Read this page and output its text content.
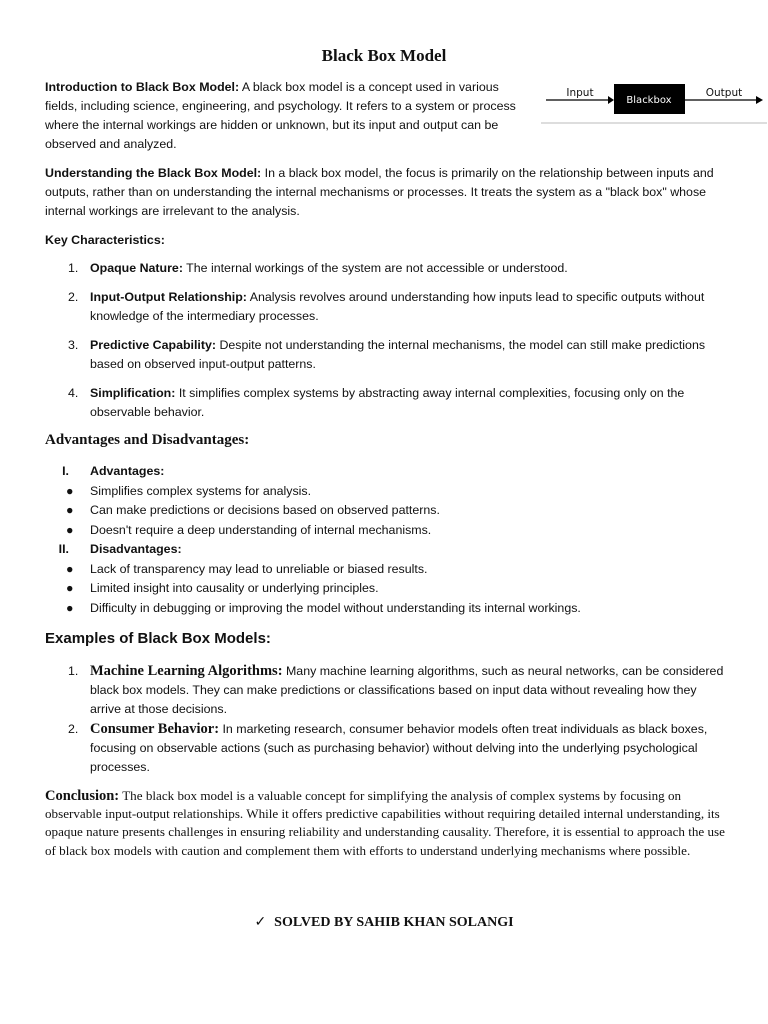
Black Box Model

Introduction to Black Box Model: A black box model is a concept used in various fields, including science, engineering, and psychology. It refers to a system or process where the internal workings are hidden or unknown, but its input and output can be observed and analyzed.

Input
Blackbox
Output

Understanding the Black Box Model: In a black box model, the focus is primarily on the relationship between inputs and outputs, rather than on understanding the internal mechanisms or processes. It treats the system as a "black box" whose internal workings are irrelevant to the analysis.

Key Characteristics:
1. Opaque Nature: The internal workings of the system are not accessible or understood.
2. Input-Output Relationship: Analysis revolves around understanding how inputs lead to specific outputs without knowledge of the intermediary processes.
3. Predictive Capability: Despite not understanding the internal mechanisms, the model can still make predictions based on observed input-output patterns.
4. Simplification: It simplifies complex systems by abstracting away internal complexities, focusing only on the observable behavior.
Advantages and Disadvantages:
I. Advantages:
● Simplifies complex systems for analysis.
● Can make predictions or decisions based on observed patterns.
● Doesn't require a deep understanding of internal mechanisms.
II. Disadvantages:
● Lack of transparency may lead to unreliable or biased results.
● Limited insight into causality or underlying principles.
● Difficulty in debugging or improving the model without understanding its internal workings.
Examples of Black Box Models:
1. Machine Learning Algorithms: Many machine learning algorithms, such as neural networks, can be considered black box models. They can make predictions or classifications based on input data without revealing how they arrive at those decisions.
2. Consumer Behavior: In marketing research, consumer behavior models often treat individuals as black boxes, focusing on observable actions (such as purchasing behavior) without delving into the underlying psychological processes.

Conclusion: The black box model is a valuable concept for simplifying the analysis of complex systems by focusing on observable input-output relationships. While it offers predictive capabilities without requiring detailed internal understanding, its opaque nature presents challenges in ensuring reliability and understanding causality. Therefore, it is essential to approach the use of black box models with caution and complement them with efforts to understand underlying mechanisms where possible.

✓ SOLVED BY SAHIB KHAN SOLANGI
